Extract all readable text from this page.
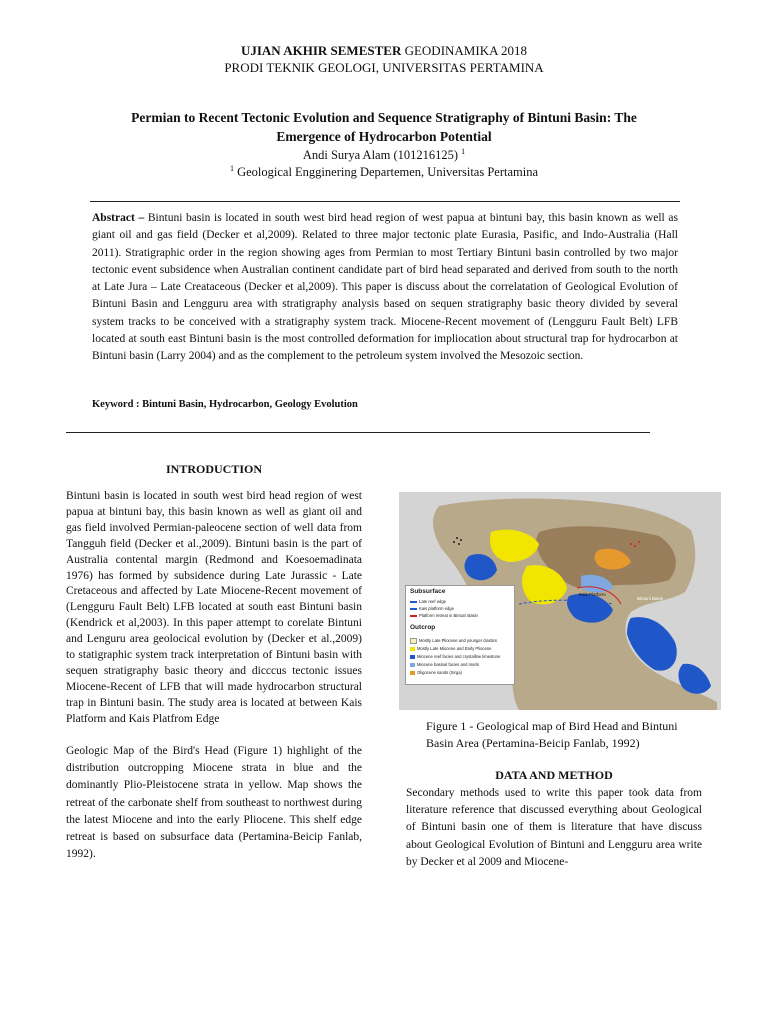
UJIAN AKHIR SEMESTER GEODINAMIKA 2018
PRODI TEKNIK GEOLOGI, UNIVERSITAS PERTAMINA
Permian to Recent Tectonic Evolution and Sequence Stratigraphy of Bintuni Basin: The
Emergence of Hydrocarbon Potential
Andi Surya Alam (101216125) $^1$
$^1$ Geological Engginering Departemen, Universitas Pertamina
Abstract – Bintuni basin is located in south west bird head region of west papua at bintuni bay, this basin known as well as giant oil and gas field (Decker et al,2009). Related to three major tectonic plate Eurasia, Pasific, and Indo-Australia (Hall 2011). Stratigraphic order in the region showing ages from Permian to most Tertiary Bintuni basin controlled by two major tectonic event subsidence when Australian continent candidate part of bird head separated and derived from south to the north at Late Jura – Late Creataceous (Decker et al,2009). This paper is discuss about the correlatation of Geological Evolution of Bintuni Basin and Lengguru area with stratigraphy analysis based on sequen stratigraphy basic theory divided by several system tracks to be conceived with a stratigraphy system track. Miocene-Recent movement of (Lengguru Fault Belt) LFB located at south east Bintuni basin is the most controlled deformation for impliocation about structural trap for hydrocarbon at Bintuni basin (Larry 2004) and as the complement to the petroleum system involved the Mesozoic section.
Keyword : Bintuni Basin, Hydrocarbon, Geology Evolution
INTRODUCTION
Bintuni basin is located in south west bird head region of west papua at bintuni bay, this basin known as well as giant oil and gas field involved Permian-paleocene section of well data from Tangguh field (Decker et al.,2009). Bintuni basin is the part of Australia contental margin (Redmond and Koesoemadinata 1976) has formed by subsidence during Late Jurassic - Late Cretaceous and affected by Late Miocene-Recent movement of (Lengguru Fault Belt) LFB located at south east Bintuni basin (Kendrick et al,2003). In this paper attempt to corelate Bintuni and Lenguru area geolocical evolution by (Decker et al.,2009) to statigraphic system track interpretation of Bintuni basin with sequen stratigraphy basic theory and dicccus tectonic issues Miocene-Recent of LFB that will made hydrocarbon structural trap in Bintuni basin. The study area is located at between Kais Platform and Kais Platfrom Edge
Geologic Map of the Bird's Head (Figure 1) highlight of the distribution outcropping Miocene strata in blue and the dominantly Plio-Pleistocene strata in yellow. Map shows the retreat of the carbonate shelf from southeast to northwest during the latest Miocene and into the early Pliocene. This shelf edge retreat is based on subsurface data (Pertamina-Beicip Fanlab, 1992).
Kais Platform
Bintuni Basin
Subsurface
Late reef edge
Kais platform edge
Platform retreat in Bintuni Basin
Outcrop
Mostly Late Pliocene and younger clastics
Mostly Late Miocene and Early Pliocene
Miocene reef facies and crystalline limestone
Miocene basinal facies and marls
Oligocene sands (Sirga)
Figure 1 - Geological map of Bird Head and Bintuni
Basin Area (Pertamina-Beicip Fanlab, 1992)
DATA AND METHOD
Secondary methods used to write this paper took data from literature reference that discussed everything about Geological of Bintuni basin one of them is literature that have discuss about Geological Evolution of Bintuni and Lengguru area write by Decker et al 2009 and Miocene-
